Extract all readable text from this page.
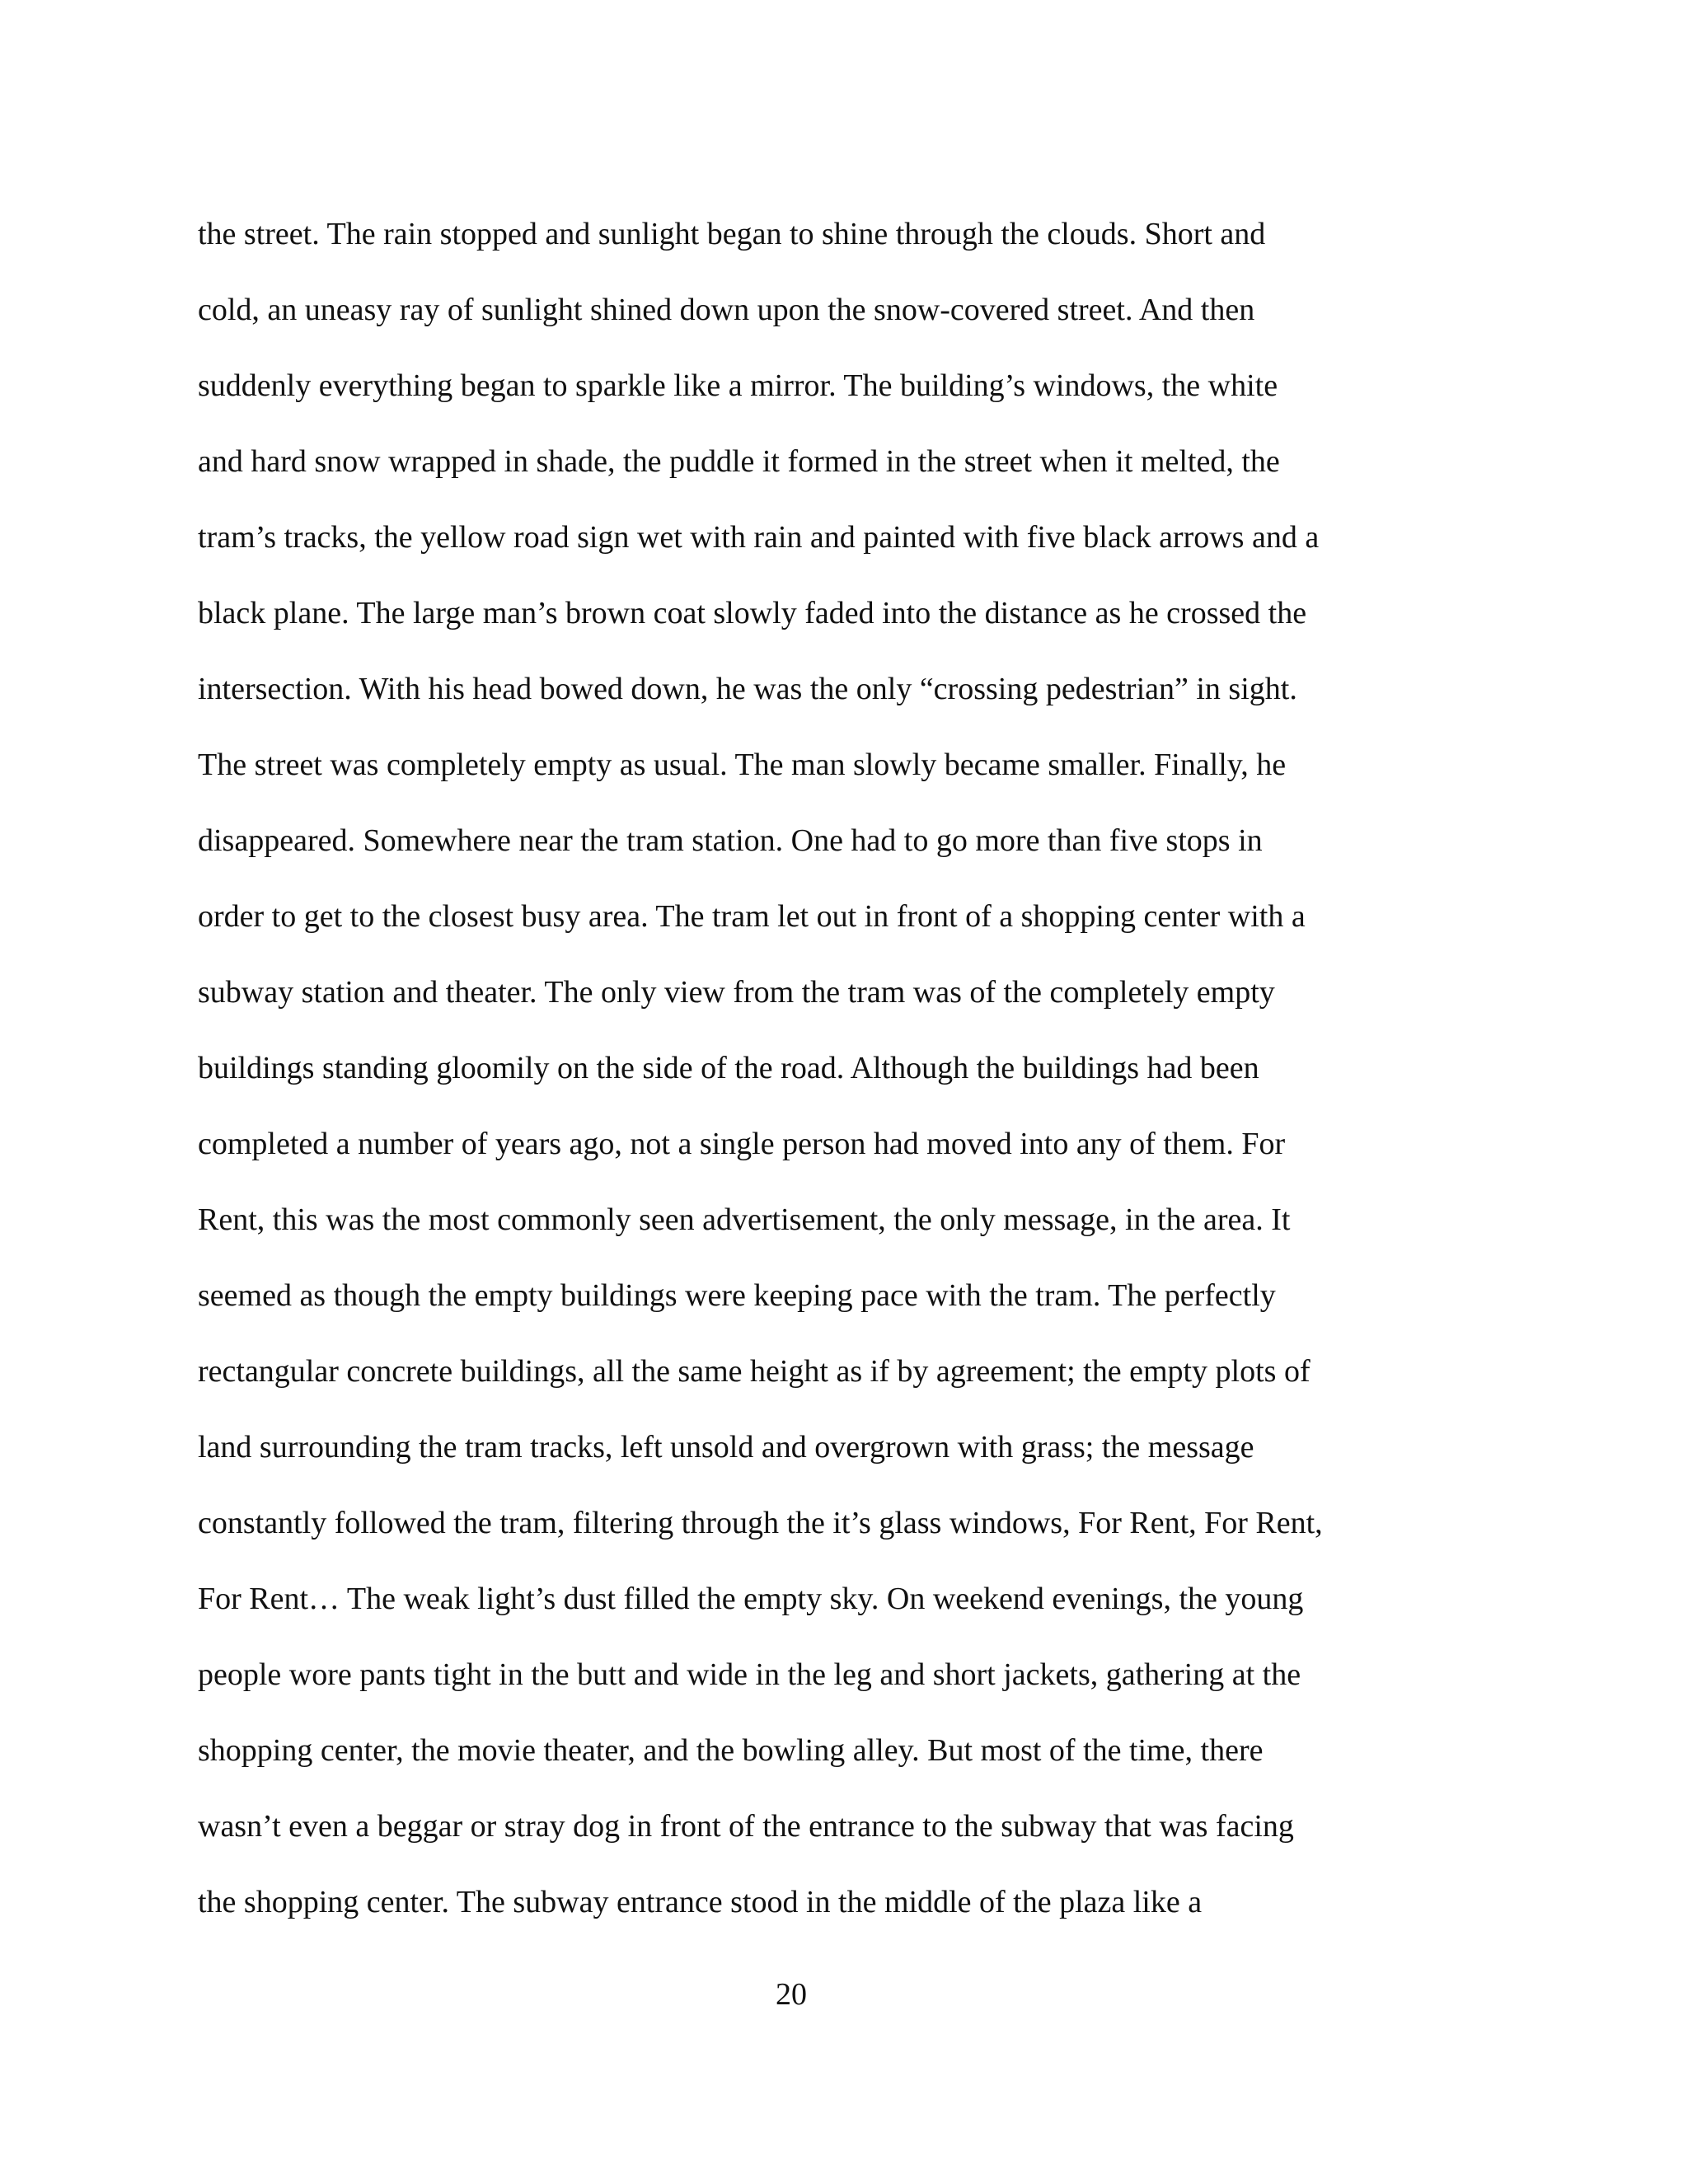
the street. The rain stopped and sunlight began to shine through the clouds. Short and
cold, an uneasy ray of sunlight shined down upon the snow-covered street. And then
suddenly everything began to sparkle like a mirror. The building’s windows, the white
and hard snow wrapped in shade, the puddle it formed in the street when it melted, the
tram’s tracks, the yellow road sign wet with rain and painted with five black arrows and a
black plane. The large man’s brown coat slowly faded into the distance as he crossed the
intersection. With his head bowed down, he was the only “crossing pedestrian” in sight.
The street was completely empty as usual. The man slowly became smaller. Finally, he
disappeared. Somewhere near the tram station. One had to go more than five stops in
order to get to the closest busy area. The tram let out in front of a shopping center with a
subway station and theater. The only view from the tram was of the completely empty
buildings standing gloomily on the side of the road. Although the buildings had been
completed a number of years ago, not a single person had moved into any of them. For
Rent, this was the most commonly seen advertisement, the only message, in the area. It
seemed as though the empty buildings were keeping pace with the tram. The perfectly
rectangular concrete buildings, all the same height as if by agreement; the empty plots of
land surrounding the tram tracks, left unsold and overgrown with grass; the message
constantly followed the tram, filtering through the it’s glass windows, For Rent, For Rent,
For Rent… The weak light’s dust filled the empty sky. On weekend evenings, the young
people wore pants tight in the butt and wide in the leg and short jackets, gathering at the
shopping center, the movie theater, and the bowling alley. But most of the time, there
wasn’t even a beggar or stray dog in front of the entrance to the subway that was facing
the shopping center. The subway entrance stood in the middle of the plaza like a
20
